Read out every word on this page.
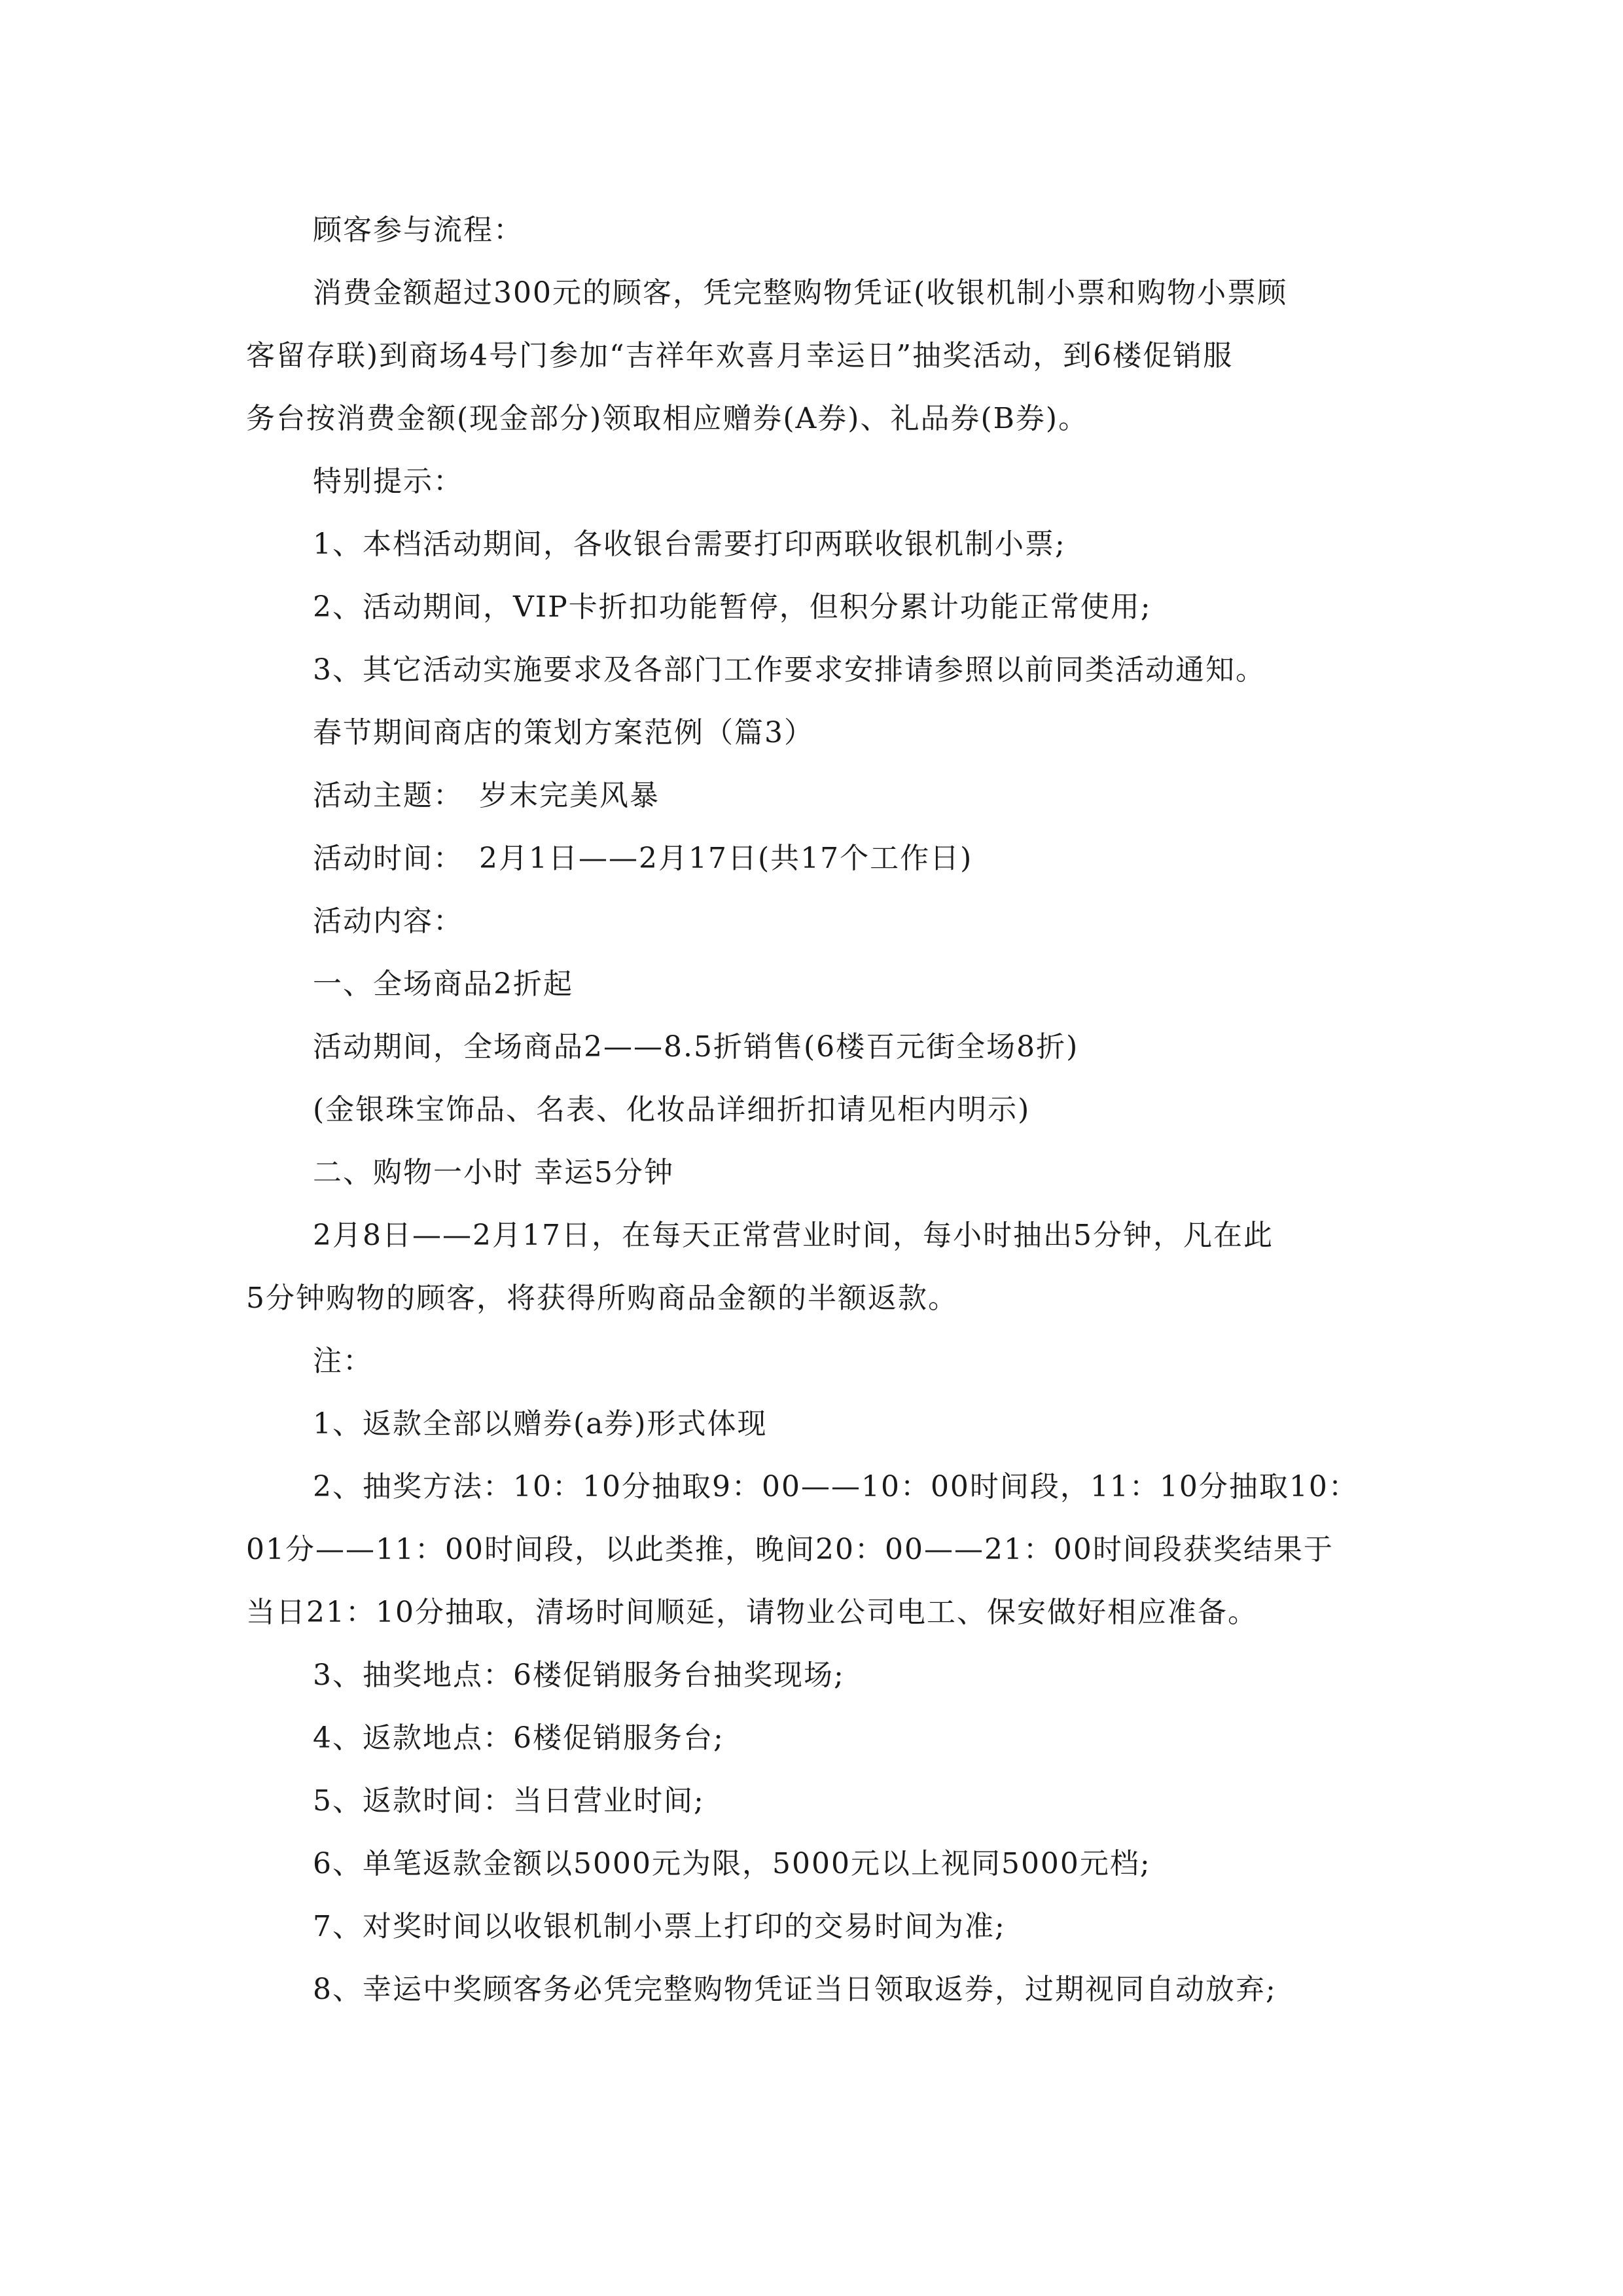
顾客参与流程：
消费金额超过300元的顾客，凭完整购物凭证(收银机制小票和购物小票顾
客留存联)到商场4号门参加“吉祥年欢喜月幸运日”抽奖活动，到6楼促销服
务台按消费金额(现金部分)领取相应赠券(A券)、礼品券(B券)。
特别提示：
1、本档活动期间，各收银台需要打印两联收银机制小票;
2、活动期间，VIP卡折扣功能暂停，但积分累计功能正常使用;
3、其它活动实施要求及各部门工作要求安排请参照以前同类活动通知。
春节期间商店的策划方案范例（篇3）
活动主题：　岁末完美风暴
活动时间：　2月1日——2月17日(共17个工作日)
活动内容：
一、全场商品2折起
活动期间，全场商品2——8.5折销售(6楼百元街全场8折)
(金银珠宝饰品、名表、化妆品详细折扣请见柜内明示)
二、购物一小时 幸运5分钟
2月8日——2月17日，在每天正常营业时间，每小时抽出5分钟，凡在此
5分钟购物的顾客，将获得所购商品金额的半额返款。
注：
1、返款全部以赠券(a券)形式体现
2、抽奖方法：10：10分抽取9：00——10：00时间段，11：10分抽取10：
01分——11：00时间段，以此类推，晚间20：00——21：00时间段获奖结果于
当日21：10分抽取，清场时间顺延，请物业公司电工、保安做好相应准备。
3、抽奖地点：6楼促销服务台抽奖现场;
4、返款地点：6楼促销服务台;
5、返款时间：当日营业时间;
6、单笔返款金额以5000元为限，5000元以上视同5000元档;
7、对奖时间以收银机制小票上打印的交易时间为准;
8、幸运中奖顾客务必凭完整购物凭证当日领取返券，过期视同自动放弃;
